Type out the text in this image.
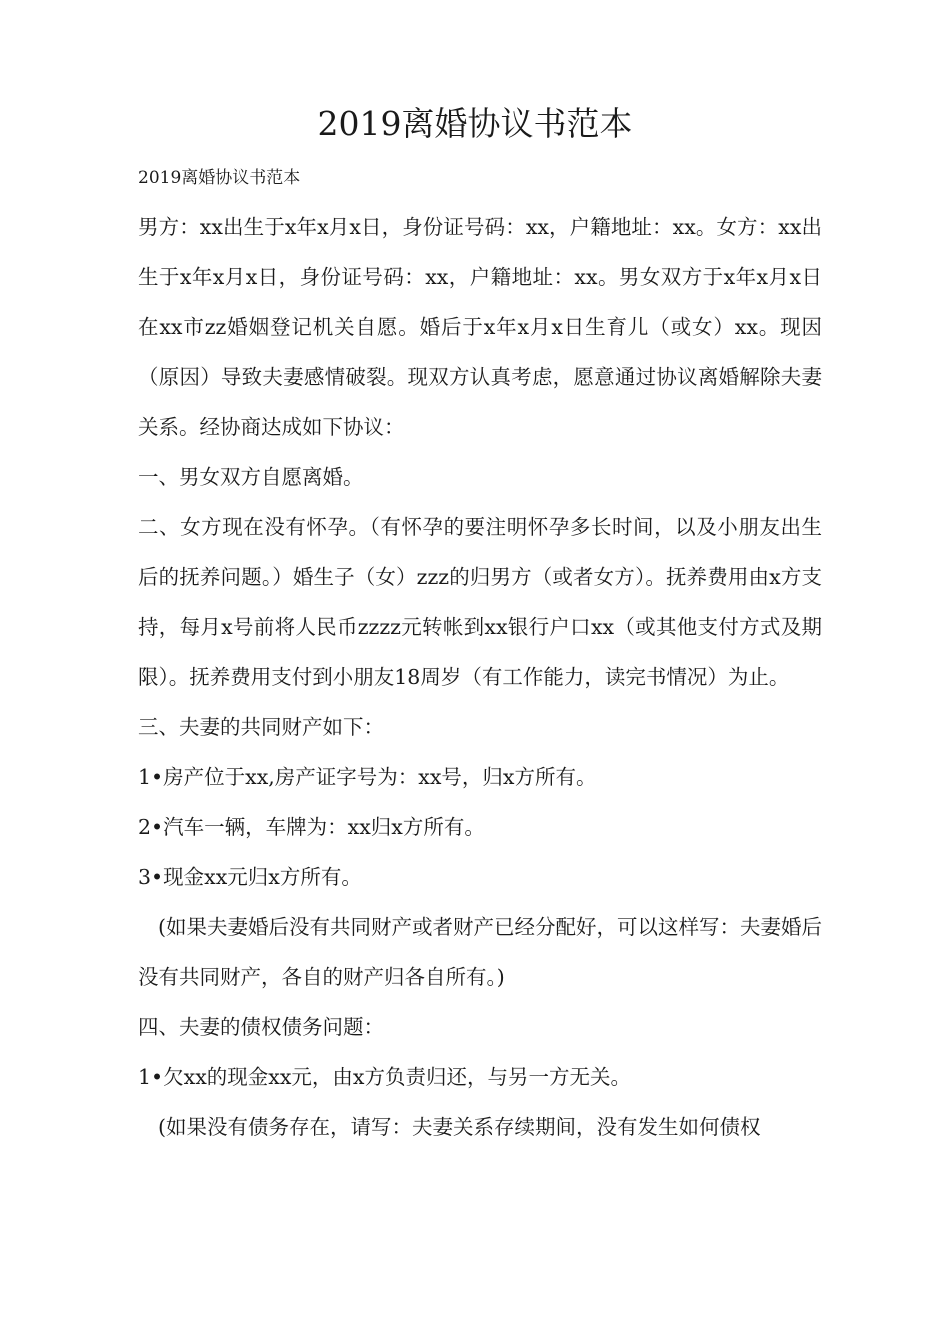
2019离婚协议书范本

2019离婚协议书范本

男方：xx出生于x年x月x日，身份证号码：xx，户籍地址：xx。女方：xx出生于x年x月x日，身份证号码：xx，户籍地址：xx。男女双方于x年x月x日在xx市zz婚姻登记机关自愿。婚后于x年x月x日生育儿（或女）xx。现因（原因）导致夫妻感情破裂。现双方认真考虑，愿意通过协议离婚解除夫妻关系。经协商达成如下协议：

一、男女双方自愿离婚。

二、女方现在没有怀孕。（有怀孕的要注明怀孕多长时间，以及小朋友出生后的抚养问题。）婚生子（女）zzz的归男方（或者女方）。抚养费用由x方支持，每月x号前将人民币zzzz元转帐到xx银行户口xx（或其他支付方式及期限）。抚养费用支付到小朋友18周岁（有工作能力，读完书情况）为止。

三、夫妻的共同财产如下：

1•房产位于xx,房产证字号为：xx号，归x方所有。

2•汽车一辆，车牌为：xx归x方所有。

3•现金xx元归x方所有。

(如果夫妻婚后没有共同财产或者财产已经分配好，可以这样写：夫妻婚后没有共同财产，各自的财产归各自所有。)

四、夫妻的债权债务问题：

1•欠xx的现金xx元，由x方负责归还，与另一方无关。

(如果没有债务存在，请写：夫妻关系存续期间，没有发生如何债权
